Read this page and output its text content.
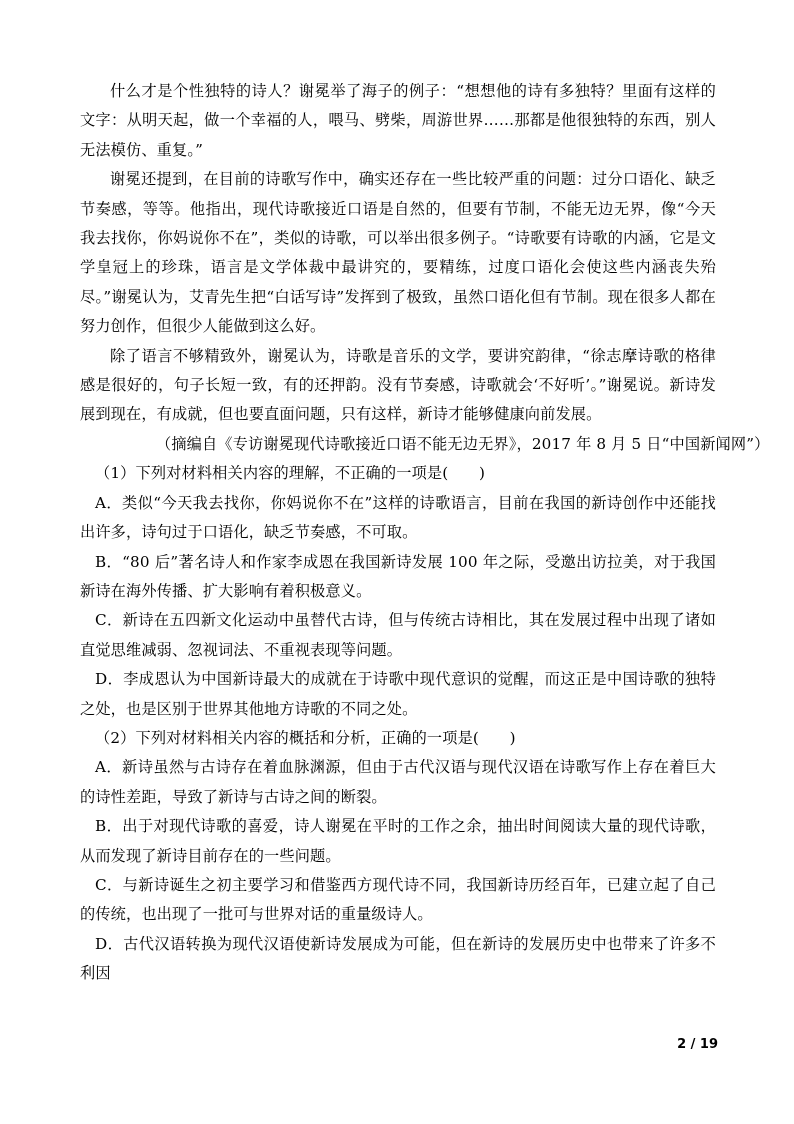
什么才是个性独特的诗人？谢冕举了海子的例子：“想想他的诗有多独特？里面有这样的文字：从明天起，做一个幸福的人，喂马、劈柴，周游世界……那都是他很独特的东西，别人无法模仿、重复。”

谢冕还提到，在目前的诗歌写作中，确实还存在一些比较严重的问题：过分口语化、缺乏节奏感，等等。他指出，现代诗歌接近口语是自然的，但要有节制，不能无边无界，像“今天我去找你，你妈说你不在”，类似的诗歌，可以举出很多例子。“诗歌要有诗歌的内涵，它是文学皇冠上的珍珠，语言是文学体裁中最讲究的，要精练，过度口语化会使这些内涵丧失殆尽。”谢冕认为，艾青先生把“白话写诗”发挥到了极致，虽然口语化但有节制。现在很多人都在努力创作，但很少人能做到这么好。

除了语言不够精致外，谢冕认为，诗歌是音乐的文学，要讲究韵律，“徐志摩诗歌的格律感是很好的，句子长短一致，有的还押韵。没有节奏感，诗歌就会‘不好听’。”谢冕说。新诗发展到现在，有成就，但也要直面问题，只有这样，新诗才能够健康向前发展。

（摘编自《专访谢冕现代诗歌接近口语不能无边无界》，2017 年 8 月 5 日“中国新闻网”）

（1）下列对材料相关内容的理解，不正确的一项是(　　)

A．类似“今天我去找你，你妈说你不在”这样的诗歌语言，目前在我国的新诗创作中还能找出许多，诗句过于口语化，缺乏节奏感，不可取。

B．“80 后”著名诗人和作家李成恩在我国新诗发展 100 年之际，受邀出访拉美，对于我国新诗在海外传播、扩大影响有着积极意义。

C．新诗在五四新文化运动中虽替代古诗，但与传统古诗相比，其在发展过程中出现了诸如直觉思维减弱、忽视词法、不重视表现等问题。

D．李成恩认为中国新诗最大的成就在于诗歌中现代意识的觉醒，而这正是中国诗歌的独特之处，也是区别于世界其他地方诗歌的不同之处。

（2）下列对材料相关内容的概括和分析，正确的一项是(　　)

A．新诗虽然与古诗存在着血脉渊源，但由于古代汉语与现代汉语在诗歌写作上存在着巨大的诗性差距，导致了新诗与古诗之间的断裂。

B．出于对现代诗歌的喜爱，诗人谢冕在平时的工作之余，抽出时间阅读大量的现代诗歌，从而发现了新诗目前存在的一些问题。

C．与新诗诞生之初主要学习和借鉴西方现代诗不同，我国新诗历经百年，已建立起了自己的传统，也出现了一批可与世界对话的重量级诗人。

D．古代汉语转换为现代汉语使新诗发展成为可能，但在新诗的发展历史中也带来了许多不利因

2 / 19
